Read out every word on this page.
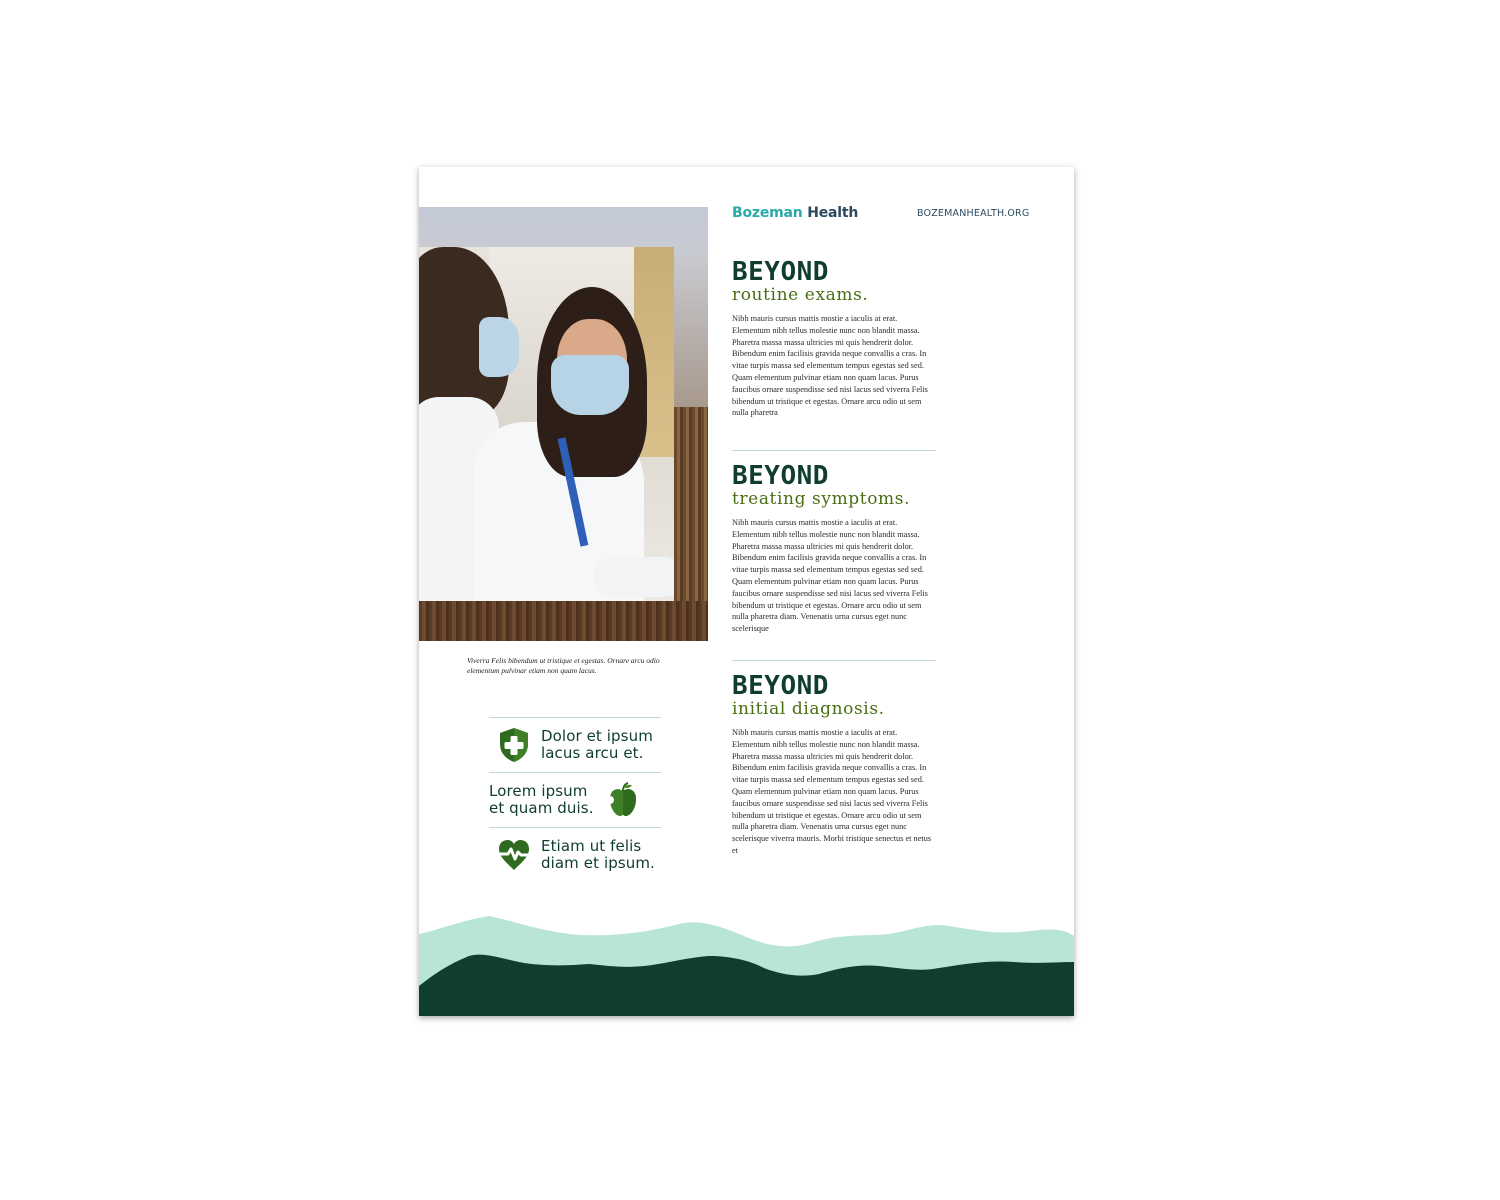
Viverra Felis bibendum ut tristique et egestas. Ornare arcu odio elementum pulvinar etiam non quam lacus.
Dolor et ipsum
lacus arcu et.
Lorem ipsum
et quam duis.
Etiam ut felis
diam et ipsum.
Bozeman Health	BOZEMANHEALTH.ORG
BEYOND
routine exams.
Nibh mauris cursus mattis mostie a iaculis at erat. Elementum nibh tellus molestie nunc non blandit massa. Pharetra massa massa ultricies mi quis hendrerit dolor. Bibendum enim facilisis gravida neque convallis a cras. In vitae turpis massa sed elementum tempus egestas sed sed. Quam elementum pulvinar etiam non quam lacus. Purus faucibus ornare suspendisse sed nisi lacus sed viverra Felis bibendum ut tristique et egestas. Ornare arcu odio ut sem nulla pharetra
BEYOND
treating symptoms.
Nibh mauris cursus mattis mostie a iaculis at erat. Elementum nibh tellus molestie nunc non blandit massa. Pharetra massa massa ultricies mi quis hendrerit dolor. Bibendum enim facilisis gravida neque convallis a cras. In vitae turpis massa sed elementum tempus egestas sed sed. Quam elementum pulvinar etiam non quam lacus. Purus faucibus ornare suspendisse sed nisi lacus sed viverra Felis bibendum ut tristique et egestas. Ornare arcu odio ut sem nulla pharetra diam. Venenatis urna cursus eget nunc scelerisque
BEYOND
initial diagnosis.
Nibh mauris cursus mattis mostie a iaculis at erat. Elementum nibh tellus molestie nunc non blandit massa. Pharetra massa massa ultricies mi quis hendrerit dolor. Bibendum enim facilisis gravida neque convallis a cras. In vitae turpis massa sed elementum tempus egestas sed sed. Quam elementum pulvinar etiam non quam lacus. Purus faucibus ornare suspendisse sed nisi lacus sed viverra Felis bibendum ut tristique et egestas. Ornare arcu odio ut sem nulla pharetra diam. Venenatis urna cursus eget nunc scelerisque viverra mauris. Morbi tristique senectus et netus et
